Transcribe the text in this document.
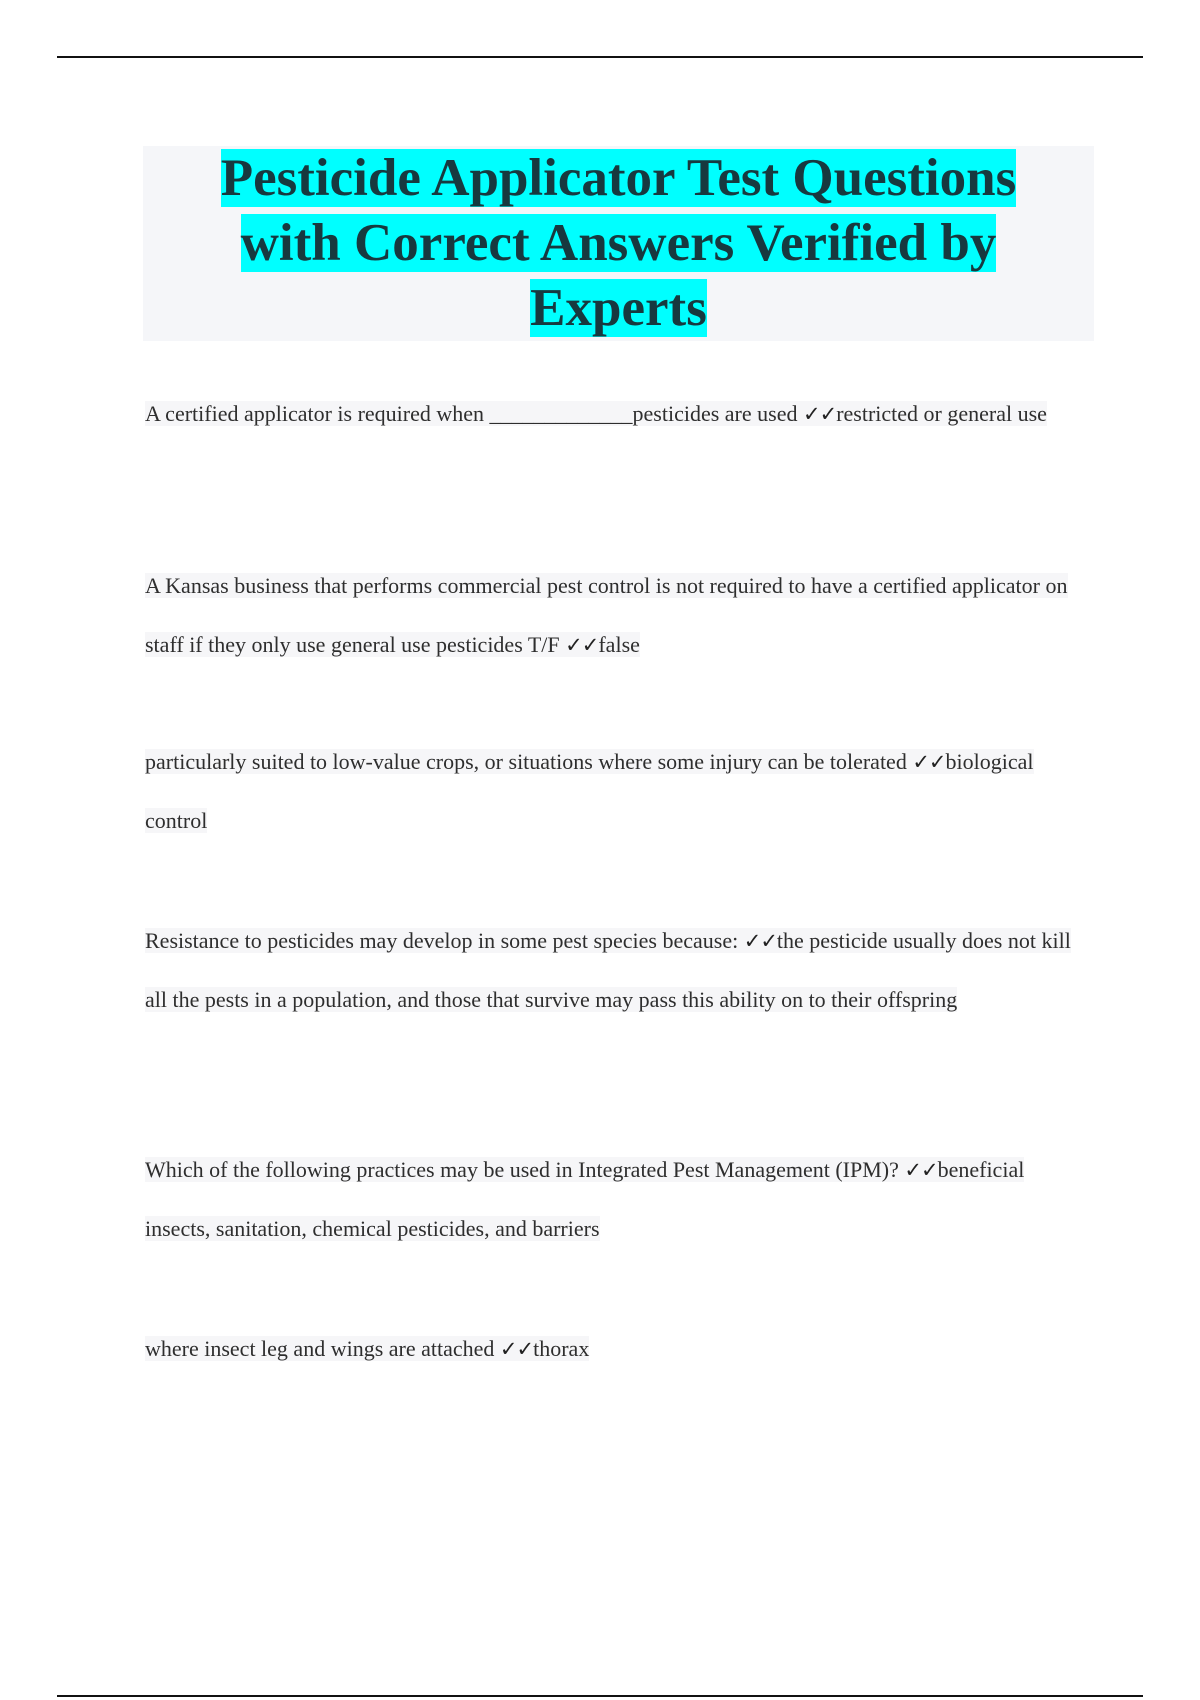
Pesticide Applicator Test Questions with Correct Answers Verified by Experts
A certified applicator is required when _____________pesticides are used ✓✓restricted or general use
A Kansas business that performs commercial pest control is not required to have a certified applicator on staff if they only use general use pesticides T/F ✓✓false
particularly suited to low-value crops, or situations where some injury can be tolerated ✓✓biological control
Resistance to pesticides may develop in some pest species because: ✓✓the pesticide usually does not kill all the pests in a population, and those that survive may pass this ability on to their offspring
Which of the following practices may be used in Integrated Pest Management (IPM)? ✓✓beneficial insects, sanitation, chemical pesticides, and barriers
where insect leg and wings are attached ✓✓thorax
